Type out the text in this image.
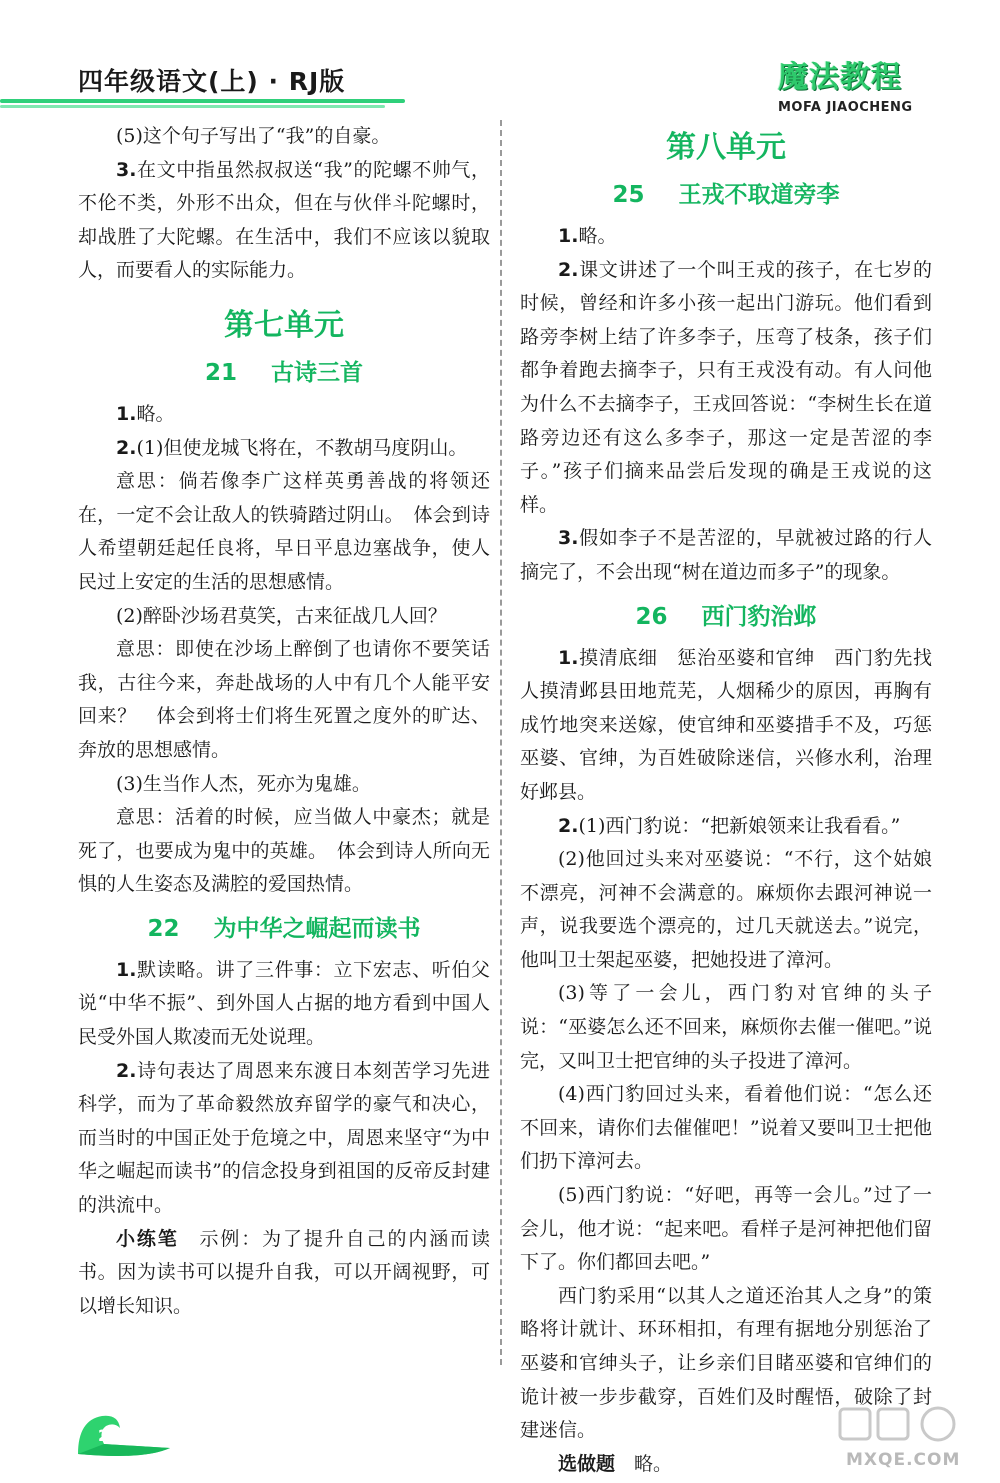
四年级语文(上) · RJ版	魔法教程
MOFA JIAOCHENG

(5)这个句子写出了“我”的自豪。

3.在文中指虽然叔叔送“我”的陀螺不帅气，不伦不类，外形不出众，但在与伙伴斗陀螺时，却战胜了大陀螺。在生活中，我们不应该以貌取人，而要看人的实际能力。

第七单元
21 古诗三首

1.略。

2.(1)但使龙城飞将在，不教胡马度阴山。

意思：倘若像李广这样英勇善战的将领还在，一定不会让敌人的铁骑踏过阴山。　体会到诗人希望朝廷起任良将，早日平息边塞战争，使人民过上安定的生活的思想感情。

(2)醉卧沙场君莫笑，古来征战几人回？

意思：即使在沙场上醉倒了也请你不要笑话我，古往今来，奔赴战场的人中有几个人能平安回来？　体会到将士们将生死置之度外的旷达、奔放的思想感情。

(3)生当作人杰，死亦为鬼雄。

意思：活着的时候，应当做人中豪杰；就是死了，也要成为鬼中的英雄。　体会到诗人所向无惧的人生姿态及满腔的爱国热情。

22 为中华之崛起而读书

1.默读略。讲了三件事：立下宏志、听伯父说“中华不振”、到外国人占据的地方看到中国人民受外国人欺凌而无处说理。

2.诗句表达了周恩来东渡日本刻苦学习先进科学，而为了革命毅然放弃留学的豪气和决心，而当时的中国正处于危境之中，周恩来坚守“为中华之崛起而读书”的信念投身到祖国的反帝反封建的洪流中。

小练笔　 示例：为了提升自己的内涵而读书。因为读书可以提升自我，可以开阔视野，可以增长知识。

第八单元
25 王戎不取道旁李

1.略。

2.课文讲述了一个叫王戎的孩子，在七岁的时候，曾经和许多小孩一起出门游玩。他们看到路旁李树上结了许多李子，压弯了枝条，孩子们都争着跑去摘李子，只有王戎没有动。有人问他为什么不去摘李子，王戎回答说：“李树生长在道路旁边还有这么多李子，那这一定是苦涩的李子。”孩子们摘来品尝后发现的确是王戎说的这样。

3.假如李子不是苦涩的，早就被过路的行人摘完了，不会出现“树在道边而多子”的现象。

26 西门豹治邺

1.摸清底细　惩治巫婆和官绅　西门豹先找人摸清邺县田地荒芜，人烟稀少的原因，再胸有成竹地突来送嫁，使官绅和巫婆措手不及，巧惩巫婆、官绅，为百姓破除迷信，兴修水利，治理好邺县。

2.(1)西门豹说：“把新娘领来让我看看。”

(2)他回过头来对巫婆说：“不行，这个姑娘不漂亮，河神不会满意的。麻烦你去跟河神说一声，说我要选个漂亮的，过几天就送去。”说完，他叫卫士架起巫婆，把她投进了漳河。

(3)等了一会儿，西门豹对官绅的头子说：“巫婆怎么还不回来，麻烦你去催一催吧。”说完，又叫卫士把官绅的头子投进了漳河。

(4)西门豹回过头来，看着他们说：“怎么还不回来，请你们去催催吧！”说着又要叫卫士把他们扔下漳河去。

(5)西门豹说：“好吧，再等一会儿。”过了一会儿，他才说：“起来吧。看样子是河神把他们留下了。你们都回去吧。”

西门豹采用“以其人之道还治其人之身”的策略将计就计、环环相扣，有理有据地分别惩治了巫婆和官绅头子，让乡亲们目睹巫婆和官绅们的诡计被一步步截穿，百姓们及时醒悟，破除了封建迷信。

选做题　 略。

272
MXQE.COM
